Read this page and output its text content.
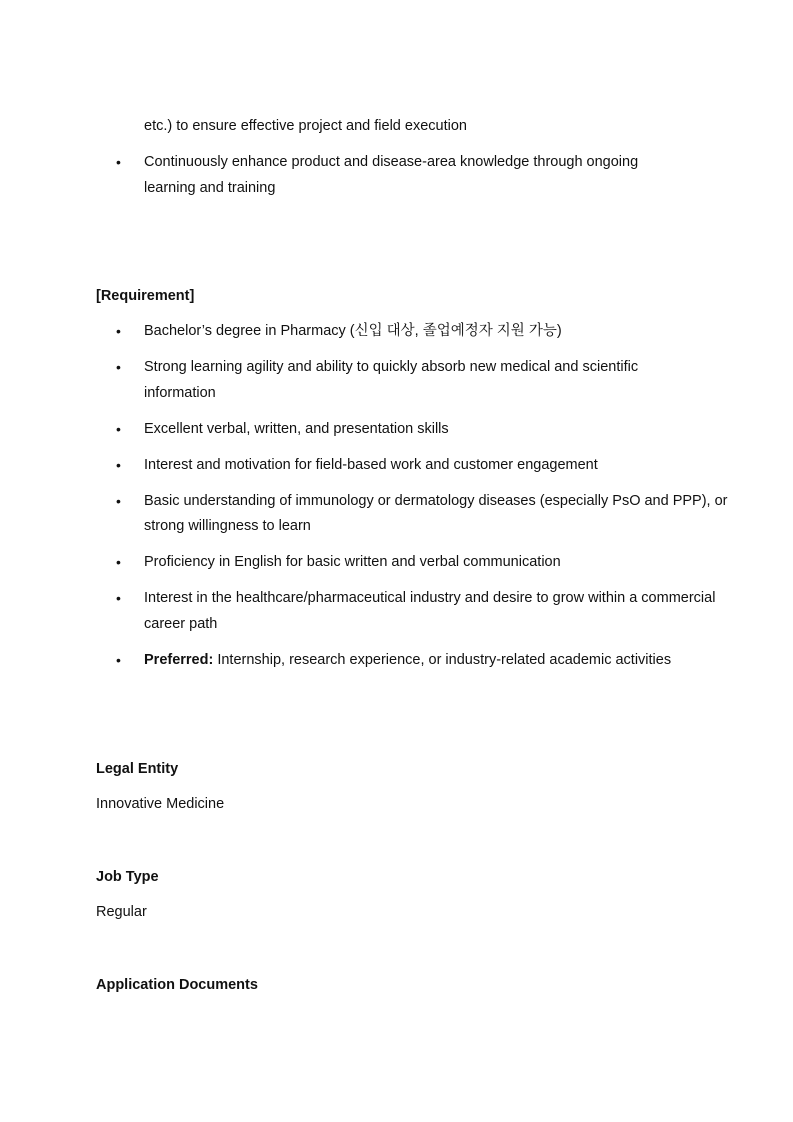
etc.) to ensure effective project and field execution
• Continuously enhance product and disease-area knowledge through ongoing learning and training
[Requirement]
• Bachelor’s degree in Pharmacy (신입 대상, 졸업예정자 지원 가능)
• Strong learning agility and ability to quickly absorb new medical and scientific information
• Excellent verbal, written, and presentation skills
• Interest and motivation for field-based work and customer engagement
• Basic understanding of immunology or dermatology diseases (especially PsO and PPP), or strong willingness to learn
• Proficiency in English for basic written and verbal communication
• Interest in the healthcare/pharmaceutical industry and desire to grow within a commercial career path
• Preferred: Internship, research experience, or industry-related academic activities
Legal Entity
Innovative Medicine
Job Type
Regular
Application Documents
